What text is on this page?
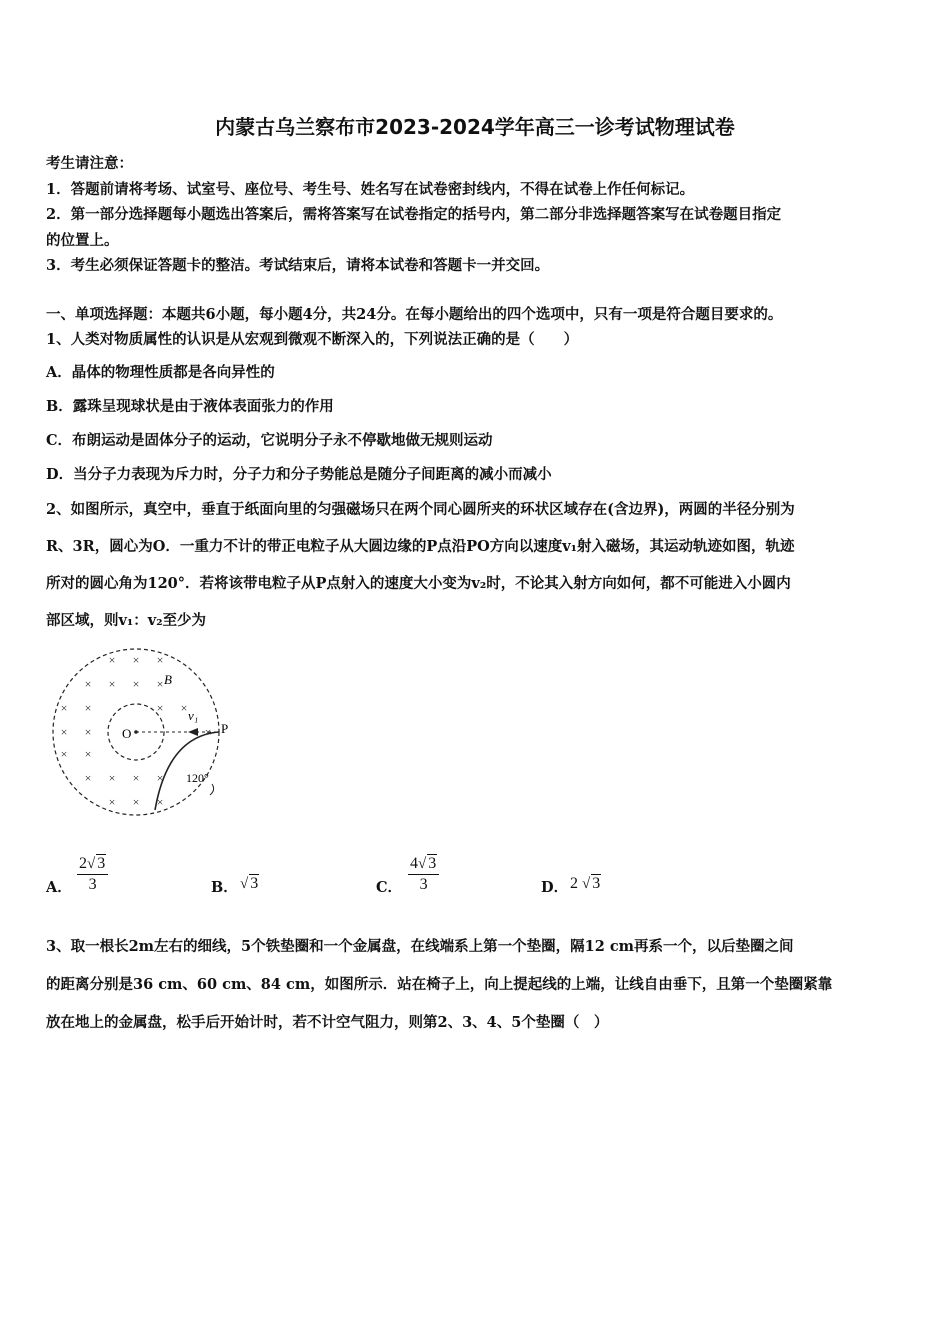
内蒙古乌兰察布市2023-2024学年高三一诊考试物理试卷
考生请注意：
1．答题前请将考场、试室号、座位号、考生号、姓名写在试卷密封线内，不得在试卷上作任何标记。
2．第一部分选择题每小题选出答案后，需将答案写在试卷指定的括号内，第二部分非选择题答案写在试卷题目指定
的位置上。
3．考生必须保证答题卡的整洁。考试结束后，请将本试卷和答题卡一并交回。
一、单项选择题：本题共6小题，每小题4分，共24分。在每小题给出的四个选项中，只有一项是符合题目要求的。
1、人类对物质属性的认识是从宏观到微观不断深入的，下列说法正确的是（　　）
A．晶体的物理性质都是各向异性的
B．露珠呈现球状是由于液体表面张力的作用
C．布朗运动是固体分子的运动，它说明分子永不停歇地做无规则运动
D．当分子力表现为斥力时，分子力和分子势能总是随分子间距离的减小而减小
2、如图所示，真空中，垂直于纸面向里的匀强磁场只在两个同心圆所夹的环状区域存在(含边界)，两圆的半径分别为
R、3R，圆心为O．一重力不计的带正电粒子从大圆边缘的P点沿PO方向以速度v₁射入磁场，其运动轨迹如图，轨迹
所对的圆心角为120°．若将该带电粒子从P点射入的速度大小变为v₂时，不论其入射方向如何，都不可能进入小圆内
部区域，则v₁：v₂至少为
× × ×
× × × ×
× ×	× ×
× ×
× ×
× × × ×
× × ×
×
B
O	P
v₁
120°
A． $\frac{2√ 3}{3}$	B． √ 3	C． $\frac{4√ 3}{3}$	D． 2 √ 3
3、取一根长2m左右的细线，5个铁垫圈和一个金属盘，在线端系上第一个垫圈，隔12 cm再系一个，以后垫圈之间
的距离分别是36 cm、60 cm、84 cm，如图所示．站在椅子上，向上提起线的上端，让线自由垂下，且第一个垫圈紧靠
放在地上的金属盘，松手后开始计时，若不计空气阻力，则第2、3、4、5个垫圈（　）
